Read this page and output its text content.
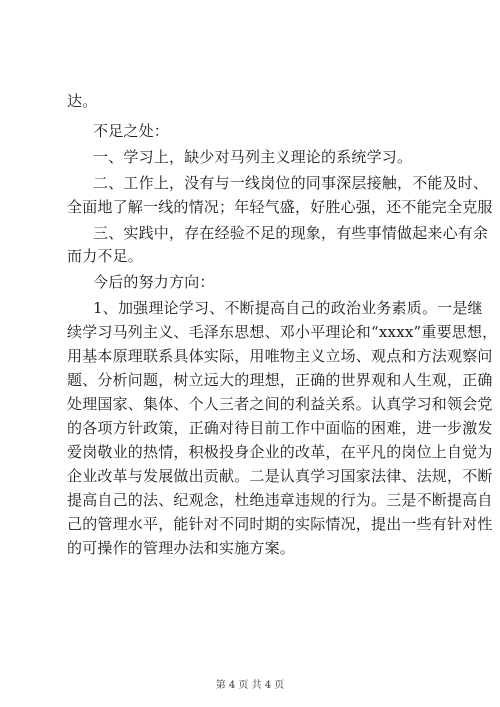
达。
不足之处：
一、学习上，缺少对马列主义理论的系统学习。
二、工作上，没有与一线岗位的同事深层接触，不能及时、
全面地了解一线的情况；年轻气盛，好胜心强，还不能完全克服
三、实践中，存在经验不足的现象，有些事情做起来心有余
而力不足。
今后的努力方向：
1、加强理论学习、不断提高自己的政治业务素质。一是继
续学习马列主义、毛泽东思想、邓小平理论和“xxxx”重要思想，
用基本原理联系具体实际，用唯物主义立场、观点和方法观察问
题、分析问题，树立远大的理想，正确的世界观和人生观，正确
处理国家、集体、个人三者之间的利益关系。认真学习和领会党
的各项方针政策，正确对待目前工作中面临的困难，进一步激发
爱岗敬业的热情，积极投身企业的改革，在平凡的岗位上自觉为
企业改革与发展做出贡献。二是认真学习国家法律、法规，不断
提高自己的法、纪观念，杜绝违章违规的行为。三是不断提高自
己的管理水平，能针对不同时期的实际情况，提出一些有针对性
的可操作的管理办法和实施方案。
第 4 页 共 4 页
